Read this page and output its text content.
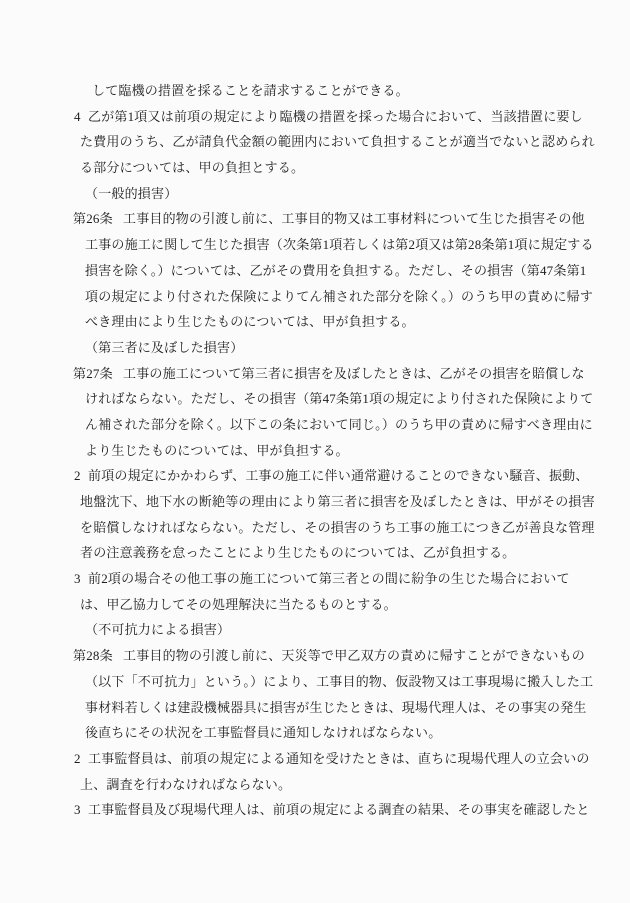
して臨機の措置を採ることを請求することができる。
4 乙が第1項又は前項の規定により臨機の措置を採った場合において、当該措置に要し
た費用のうち、乙が請負代金額の範囲内において負担することが適当でないと認められ
る部分については、甲の負担とする。
（一般的損害）
第26条 工事目的物の引渡し前に、工事目的物又は工事材料について生じた損害その他
工事の施工に関して生じた損害（次条第1項若しくは第2項又は第28条第1項に規定する
損害を除く。）については、乙がその費用を負担する。ただし、その損害（第47条第1
項の規定により付された保険によりてん補された部分を除く。）のうち甲の責めに帰す
べき理由により生じたものについては、甲が負担する。
（第三者に及ぼした損害）
第27条 工事の施工について第三者に損害を及ぼしたときは、乙がその損害を賠償しな
ければならない。ただし、その損害（第47条第1項の規定により付された保険によりて
ん補された部分を除く。以下この条において同じ。）のうち甲の責めに帰すべき理由に
より生じたものについては、甲が負担する。
2 前項の規定にかかわらず、工事の施工に伴い通常避けることのできない騒音、振動、
地盤沈下、地下水の断絶等の理由により第三者に損害を及ぼしたときは、甲がその損害
を賠償しなければならない。ただし、その損害のうち工事の施工につき乙が善良な管理
者の注意義務を怠ったことにより生じたものについては、乙が負担する。
3 前2項の場合その他工事の施工について第三者との間に紛争の生じた場合において
は、甲乙協力してその処理解決に当たるものとする。
（不可抗力による損害）
第28条 工事目的物の引渡し前に、天災等で甲乙双方の責めに帰すことができないもの
（以下「不可抗力」という。）により、工事目的物、仮設物又は工事現場に搬入した工
事材料若しくは建設機械器具に損害が生じたときは、現場代理人は、その事実の発生
後直ちにその状況を工事監督員に通知しなければならない。
2 工事監督員は、前項の規定による通知を受けたときは、直ちに現場代理人の立会いの
上、調査を行わなければならない。
3 工事監督員及び現場代理人は、前項の規定による調査の結果、その事実を確認したと
